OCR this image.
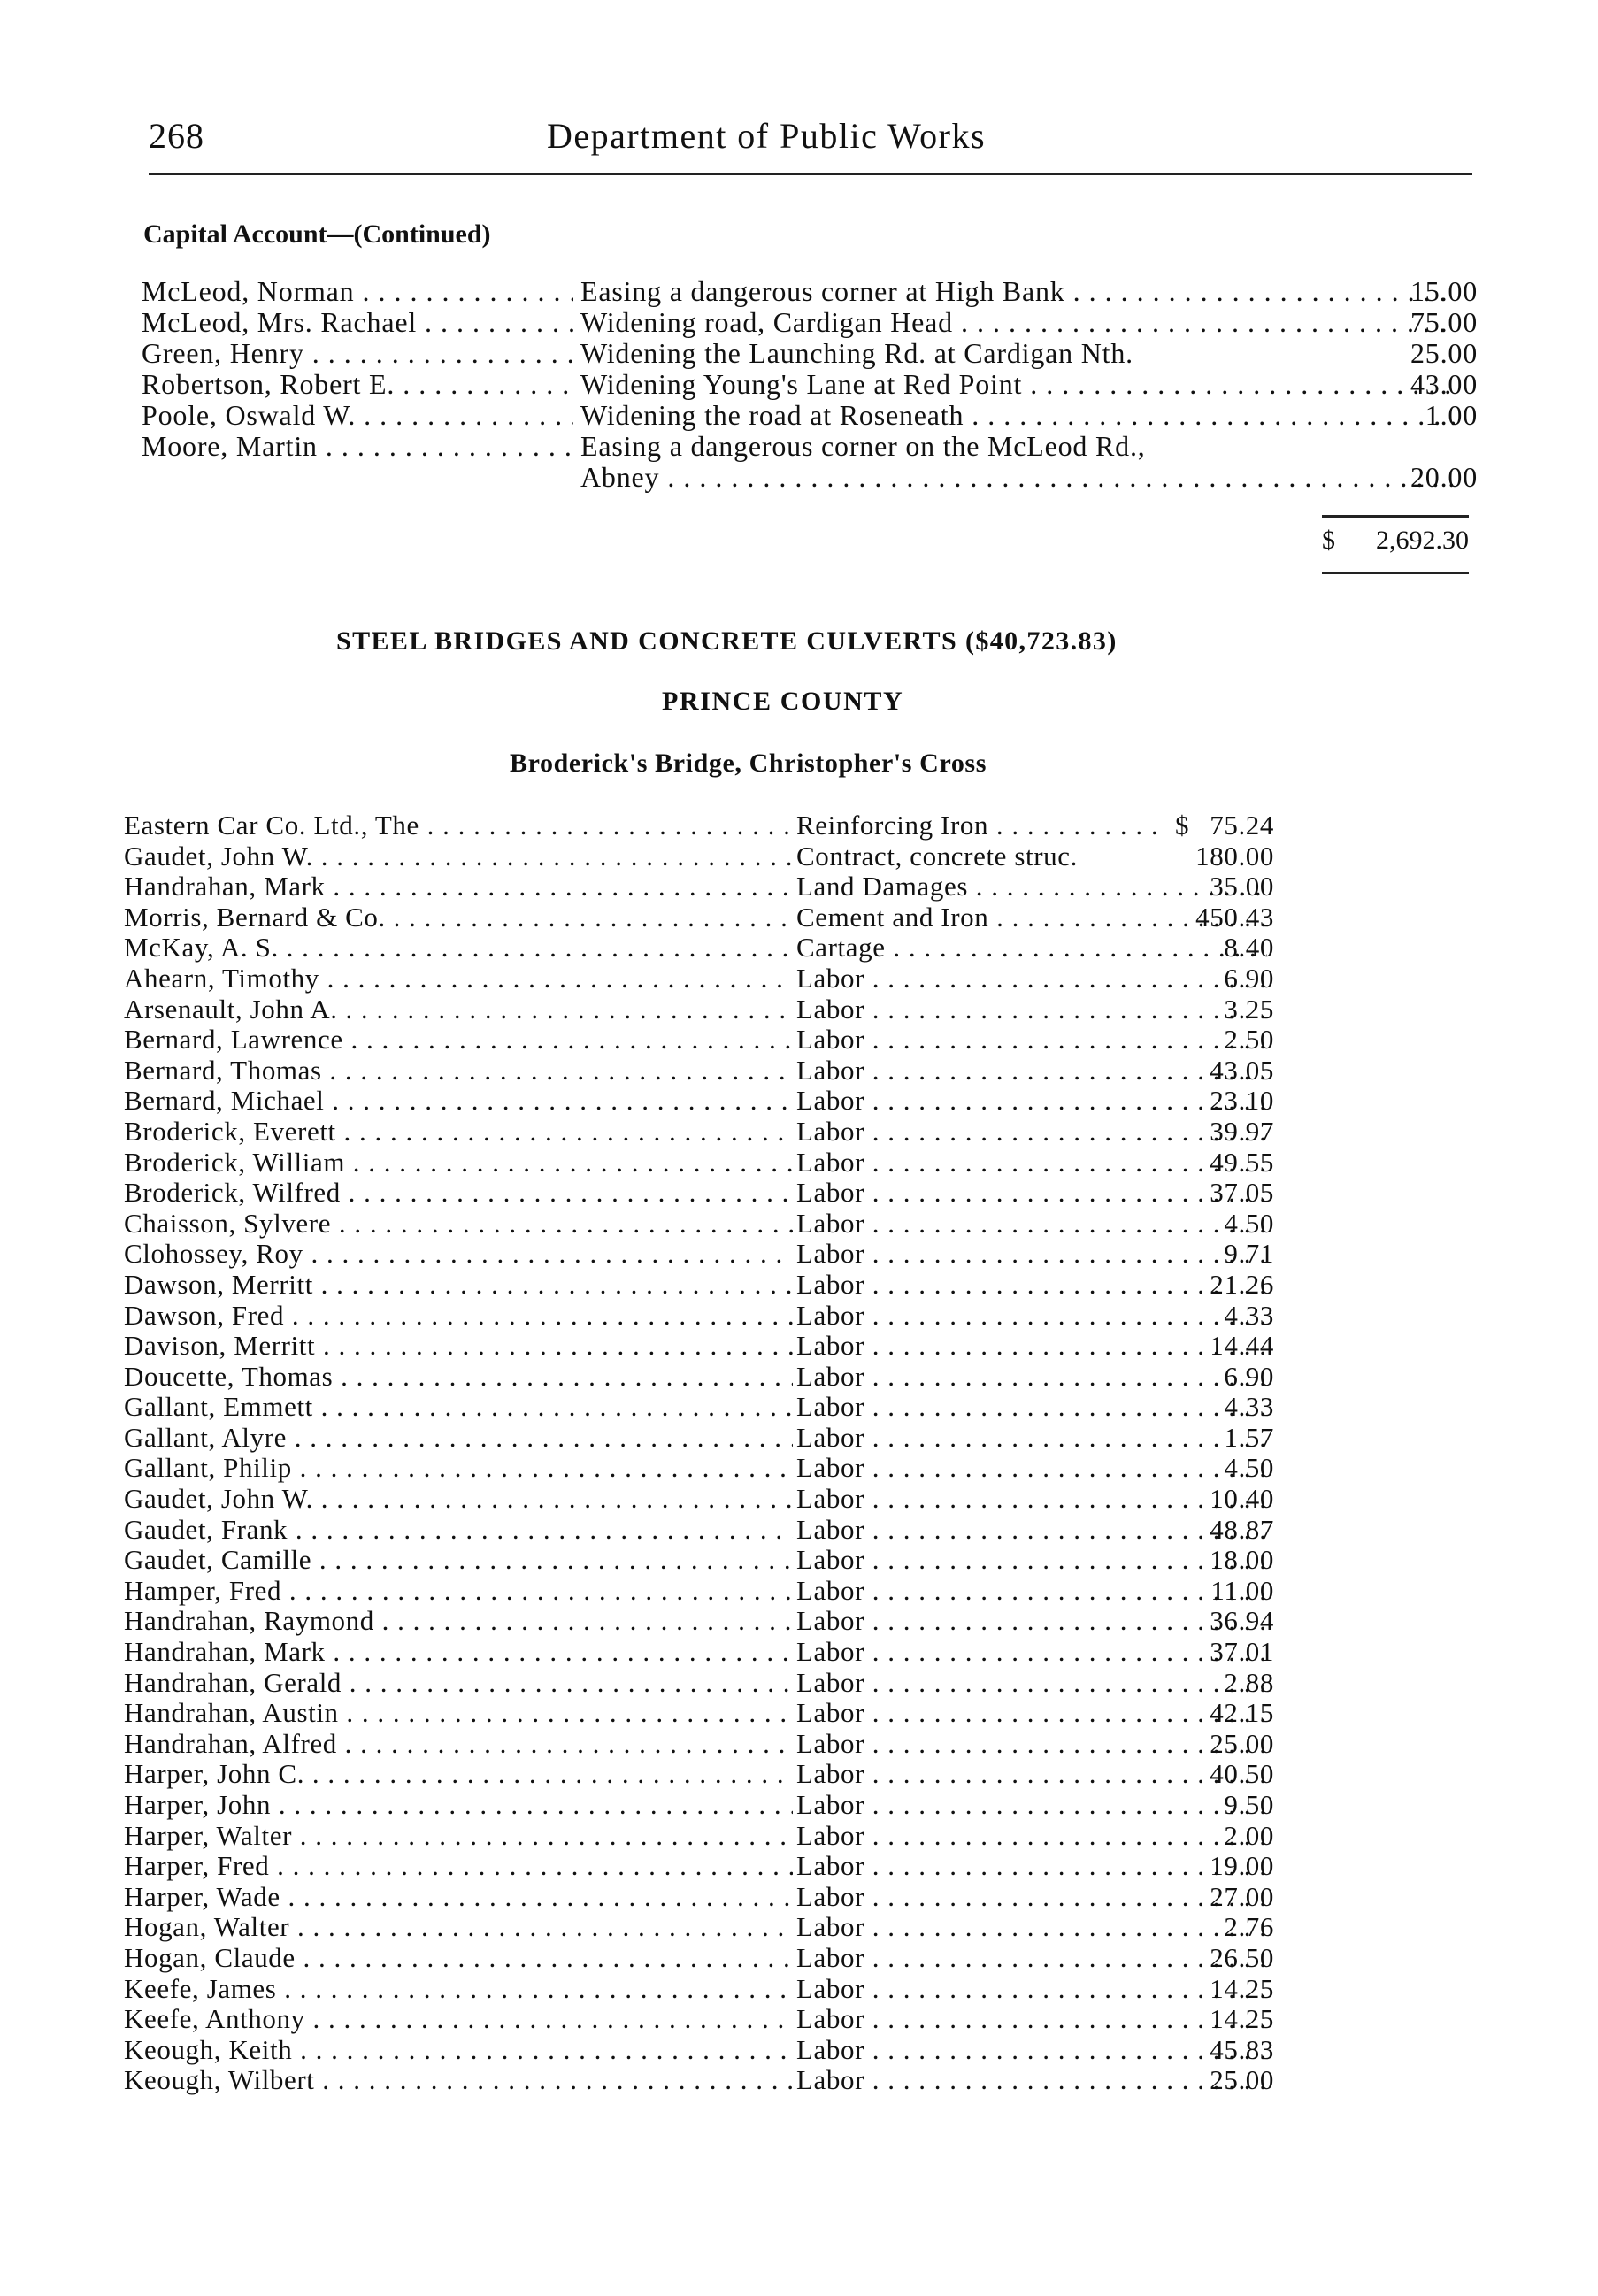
268	Department of Public Works
Capital Account—(Continued)
McLeod, Norman . . .	Easing a dangerous corner at High Bank . . .	15.00
McLeod, Mrs. Rachael . . .	Widening road, Cardigan Head . . .	75.00
Green, Henry . . .	Widening the Launching Rd. at Cardigan Nth.	25.00
Robertson, Robert E. . . .	Widening Young's Lane at Red Point . . .	43.00
Poole, Oswald W. . . .	Widening the road at Roseneath . . .	1.00
Moore, Martin . . .	Easing a dangerous corner on the McLeod Rd.,
Abney . . .	20.00
$ 2,692.30
STEEL BRIDGES AND CONCRETE CULVERTS ($40,723.83)
PRINCE COUNTY
Broderick's Bridge, Christopher's Cross
Eastern Car Co. Ltd., The . . .	Reinforcing Iron . . .	$ 75.24
Gaudet, John W. . . .	Contract, concrete struc.	180.00
Handrahan, Mark . . .	Land Damages . . .	35.00
Morris, Bernard & Co. . . .	Cement and Iron . . .	450.43
McKay, A. S. . . .	Cartage . . .	8.40
Ahearn, Timothy . . .	Labor . . .	6.90
Arsenault, John A. . . .	Labor . . .	3.25
Bernard, Lawrence . . .	Labor . . .	2.50
Bernard, Thomas . . .	Labor . . .	43.05
Bernard, Michael . . .	Labor . . .	23.10
Broderick, Everett . . .	Labor . . .	39.97
Broderick, William . . .	Labor . . .	49.55
Broderick, Wilfred . . .	Labor . . .	37.05
Chaisson, Sylvere . . .	Labor . . .	4.50
Clohossey, Roy . . .	Labor . . .	9.71
Dawson, Merritt . . .	Labor . . .	21.26
Dawson, Fred . . .	Labor . . .	4.33
Davison, Merritt . . .	Labor . . .	14.44
Doucette, Thomas . . .	Labor . . .	6.90
Gallant, Emmett . . .	Labor . . .	4.33
Gallant, Alyre . . .	Labor . . .	1.57
Gallant, Philip . . .	Labor . . .	4.50
Gaudet, John W. . . .	Labor . . .	10.40
Gaudet, Frank . . .	Labor . . .	48.87
Gaudet, Camille . . .	Labor . . .	18.00
Hamper, Fred . . .	Labor . . .	11.00
Handrahan, Raymond . . .	Labor . . .	36.94
Handrahan, Mark . . .	Labor . . .	37.01
Handrahan, Gerald . . .	Labor . . .	2.88
Handrahan, Austin . . .	Labor . . .	42.15
Handrahan, Alfred . . .	Labor . . .	25.00
Harper, John C. . . .	Labor . . .	40.50
Harper, John . . .	Labor . . .	9.50
Harper, Walter . . .	Labor . . .	2.00
Harper, Fred . . .	Labor . . .	19.00
Harper, Wade . . .	Labor . . .	27.00
Hogan, Walter . . .	Labor . . .	2.76
Hogan, Claude . . .	Labor . . .	26.50
Keefe, James . . .	Labor . . .	14.25
Keefe, Anthony . . .	Labor . . .	14.25
Keough, Keith . . .	Labor . . .	45.83
Keough, Wilbert . . .	Labor . . .	25.00
